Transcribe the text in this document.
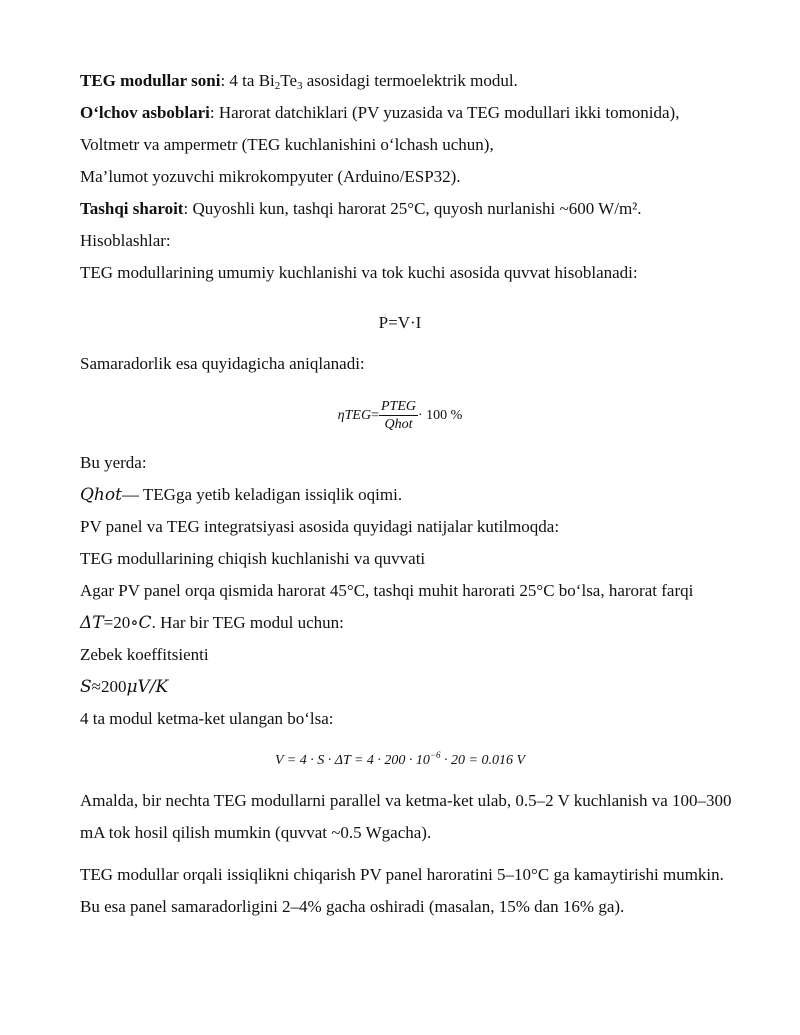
TEG modullar soni: 4 ta $Bi_2Te_3$ asosidagi termoelektrik modul.
O‘lchov asboblari: Harorat datchiklari (PV yuzasida va TEG modullari ikki tomonida),
Voltmetr va ampermetr (TEG kuchlanishini o‘lchash uchun),
Ma’lumot yozuvchi mikrokompyuter (Arduino/ESP32).
Tashqi sharoit: Quyoshli kun, tashqi harorat 25°C, quyosh nurlanishi ~600 W/m².
Hisoblashlar:
TEG modullarining umumiy kuchlanishi va tok kuchi asosida quvvat hisoblanadi:
P=V·I
Samaradorlik esa quyidagicha aniqlanadi:
$\eta TEG= \frac{\text{PTEG}}{\text{Qhot}} \cdot 100$ %
Bu yerda:
Qhot— TEGga yetib keladigan issiqlik oqimi.
PV panel va TEG integratsiyasi asosida quyidagi natijalar kutilmoqda:
TEG modullarining chiqish kuchlanishi va quvvati
Agar PV panel orqa qismida harorat 45°C, tashqi muhit harorati 25°C bo‘lsa, harorat farqi
ΔT=20∘C. Har bir TEG modul uchun:
Zebek koeffitsienti
S≈200μV/K
4 ta modul ketma-ket ulangan bo‘lsa:
$V = 4 \cdot S \cdot \Delta T = 4 \cdot 200 \cdot 10^{-6} \cdot 20 = 0.016$ V
Amalda, bir nechta TEG modullarni parallel va ketma-ket ulab, 0.5–2 V kuchlanish va 100–300
mA tok hosil qilish mumkin (quvvat ~0.5 Wgacha).
TEG modullar orqali issiqlikni chiqarish PV panel haroratini 5–10°C ga kamaytirishi mumkin.
Bu esa panel samaradorligini 2–4% gacha oshiradi (masalan, 15% dan 16% ga).
